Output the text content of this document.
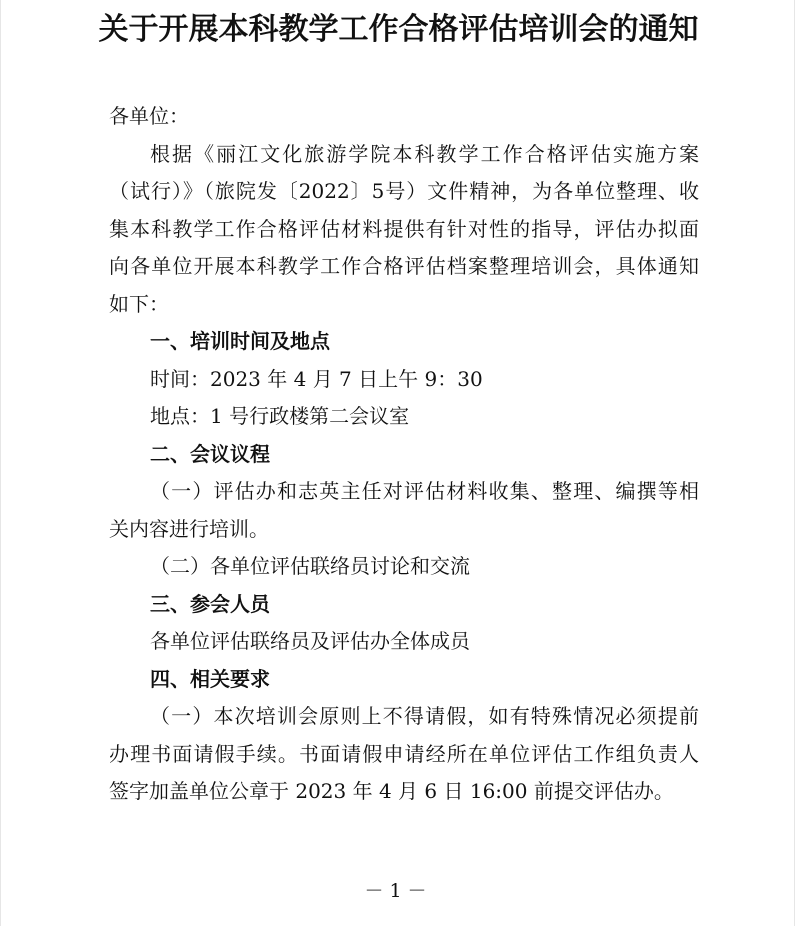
关于开展本科教学工作合格评估培训会的通知
各单位：
根据《丽江文化旅游学院本科教学工作合格评估实施方案
（试行）》（旅院发〔2022〕5号）文件精神，为各单位整理、收
集本科教学工作合格评估材料提供有针对性的指导，评估办拟面
向各单位开展本科教学工作合格评估档案整理培训会，具体通知
如下：
一、培训时间及地点
时间：2023 年 4 月 7 日上午 9：30
地点：1 号行政楼第二会议室
二、会议议程
（一）评估办和志英主任对评估材料收集、整理、编撰等相
关内容进行培训。
（二）各单位评估联络员讨论和交流
三、参会人员
各单位评估联络员及评估办全体成员
四、相关要求
（一）本次培训会原则上不得请假，如有特殊情况必须提前
办理书面请假手续。书面请假申请经所在单位评估工作组负责人
签字加盖单位公章于 2023 年 4 月 6 日 16:00 前提交评估办。
－1－
